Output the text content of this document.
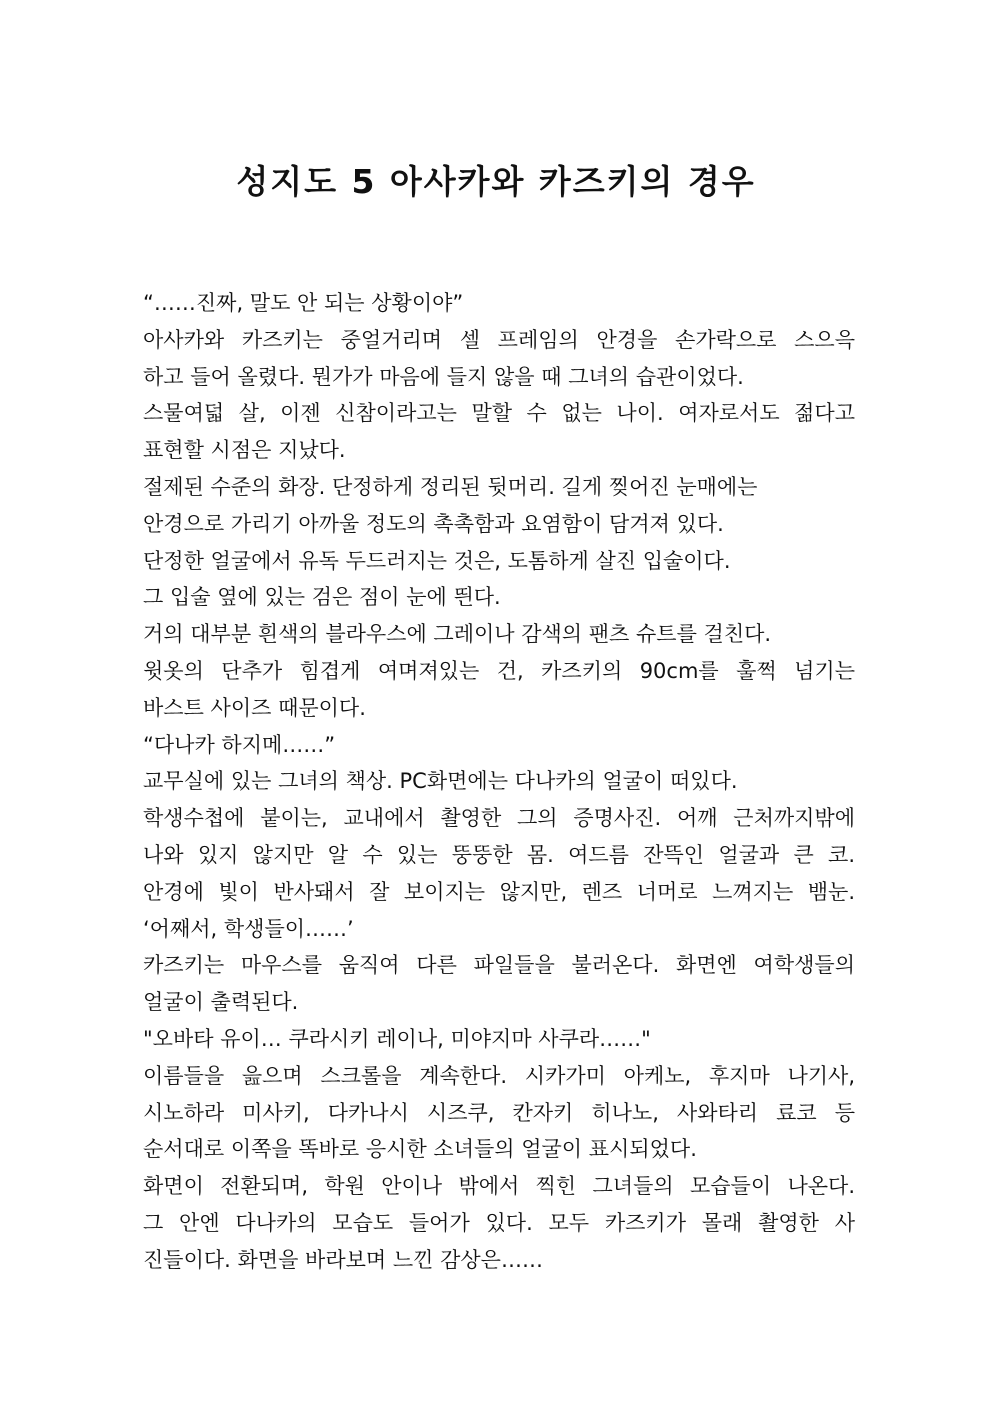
성지도 5 아사카와 카즈키의 경우
“……진짜, 말도 안 되는 상황이야”
아사카와 카즈키는 중얼거리며 셀 프레임의 안경을 손가락으로 스으윽
하고 들어 올렸다. 뭔가가 마음에 들지 않을 때 그녀의 습관이었다.
스물여덟 살, 이젠 신참이라고는 말할 수 없는 나이. 여자로서도 젊다고
표현할 시점은 지났다.
절제된 수준의 화장. 단정하게 정리된 뒷머리. 길게 찢어진 눈매에는
안경으로 가리기 아까울 정도의 촉촉함과 요염함이 담겨져 있다.
단정한 얼굴에서 유독 두드러지는 것은, 도톰하게 살진 입술이다.
그 입술 옆에 있는 검은 점이 눈에 띈다.
거의 대부분 흰색의 블라우스에 그레이나 감색의 팬츠 슈트를 걸친다.
윗옷의 단추가 힘겹게 여며져있는 건, 카즈키의 90cm를 훌쩍 넘기는
바스트 사이즈 때문이다.
“다나카 하지메……”
교무실에 있는 그녀의 책상. PC화면에는 다나카의 얼굴이 떠있다.
학생수첩에 붙이는, 교내에서 촬영한 그의 증명사진. 어깨 근처까지밖에
나와 있지 않지만 알 수 있는 뚱뚱한 몸. 여드름 잔뜩인 얼굴과 큰 코.
안경에 빛이 반사돼서 잘 보이지는 않지만, 렌즈 너머로 느껴지는 뱀눈.
‘어째서, 학생들이……’
카즈키는 마우스를 움직여 다른 파일들을 불러온다. 화면엔 여학생들의
얼굴이 출력된다.
"오바타 유이… 쿠라시키 레이나, 미야지마 사쿠라……"
이름들을 읊으며 스크롤을 계속한다. 시카가미 아케노, 후지마 나기사,
시노하라 미사키, 다카나시 시즈쿠, 칸자키 히나노, 사와타리 료코 등
순서대로 이쪽을 똑바로 응시한 소녀들의 얼굴이 표시되었다.
화면이 전환되며, 학원 안이나 밖에서 찍힌 그녀들의 모습들이 나온다.
그 안엔 다나카의 모습도 들어가 있다. 모두 카즈키가 몰래 촬영한 사
진들이다. 화면을 바라보며 느낀 감상은……
